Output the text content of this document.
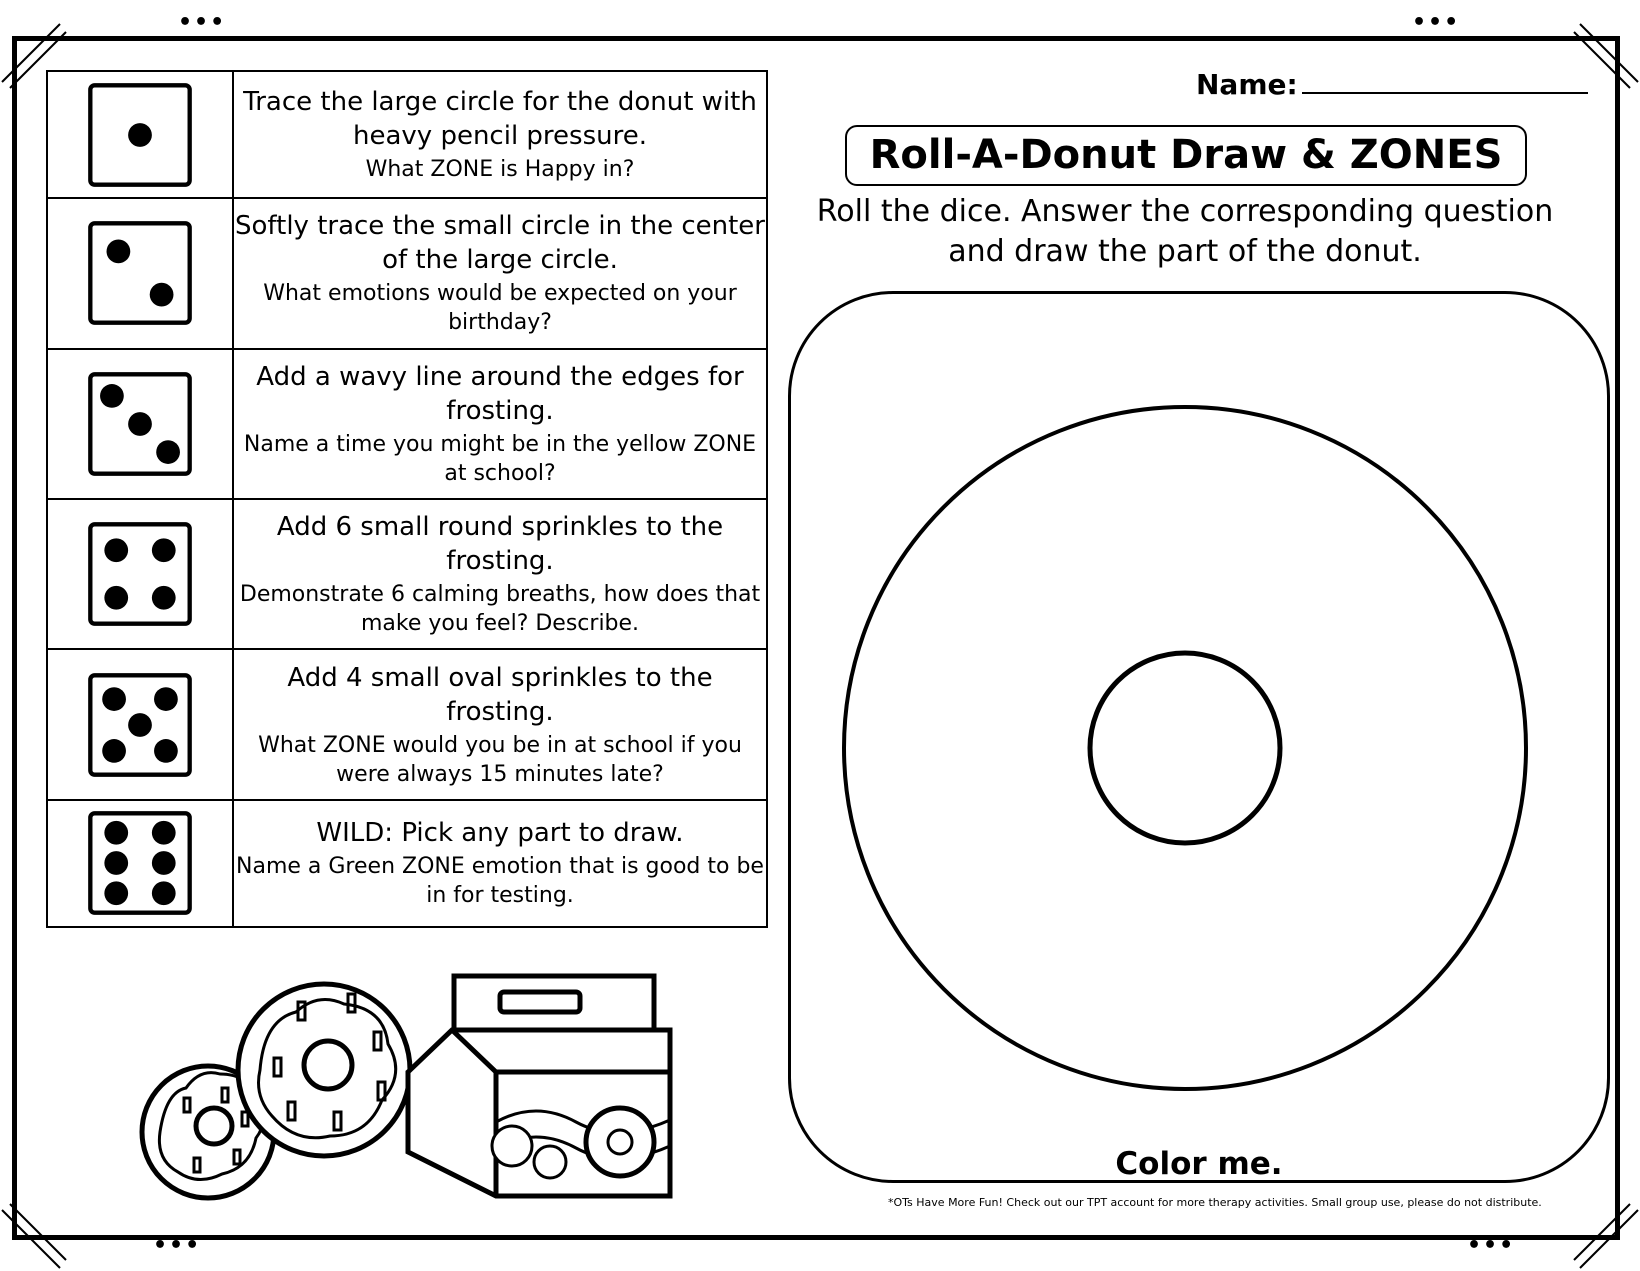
•••	•••
•••	•••

Trace the large circle for the donut with heavy pencil pressure.
What ZONE is Happy in?

Softly trace the small circle in the center of the large circle.
What emotions would be expected on your birthday?

Add a wavy line around the edges for frosting.
Name a time you might be in the yellow ZONE at school?

Add 6 small round sprinkles to the frosting.
Demonstrate 6 calming breaths, how does that make you feel? Describe.

Add 4 small oval sprinkles to the frosting.
What ZONE would you be in at school if you were always 15 minutes late?

WILD: Pick any part to draw.
Name a Green ZONE emotion that is good to be in for testing.
Name:
Roll-A-Donut Draw & ZONES
Roll the dice. Answer the corresponding question and draw the part of the donut.
Color me.
*OTs Have More Fun! Check out our TPT account for more therapy activities. Small group use, please do not distribute.
